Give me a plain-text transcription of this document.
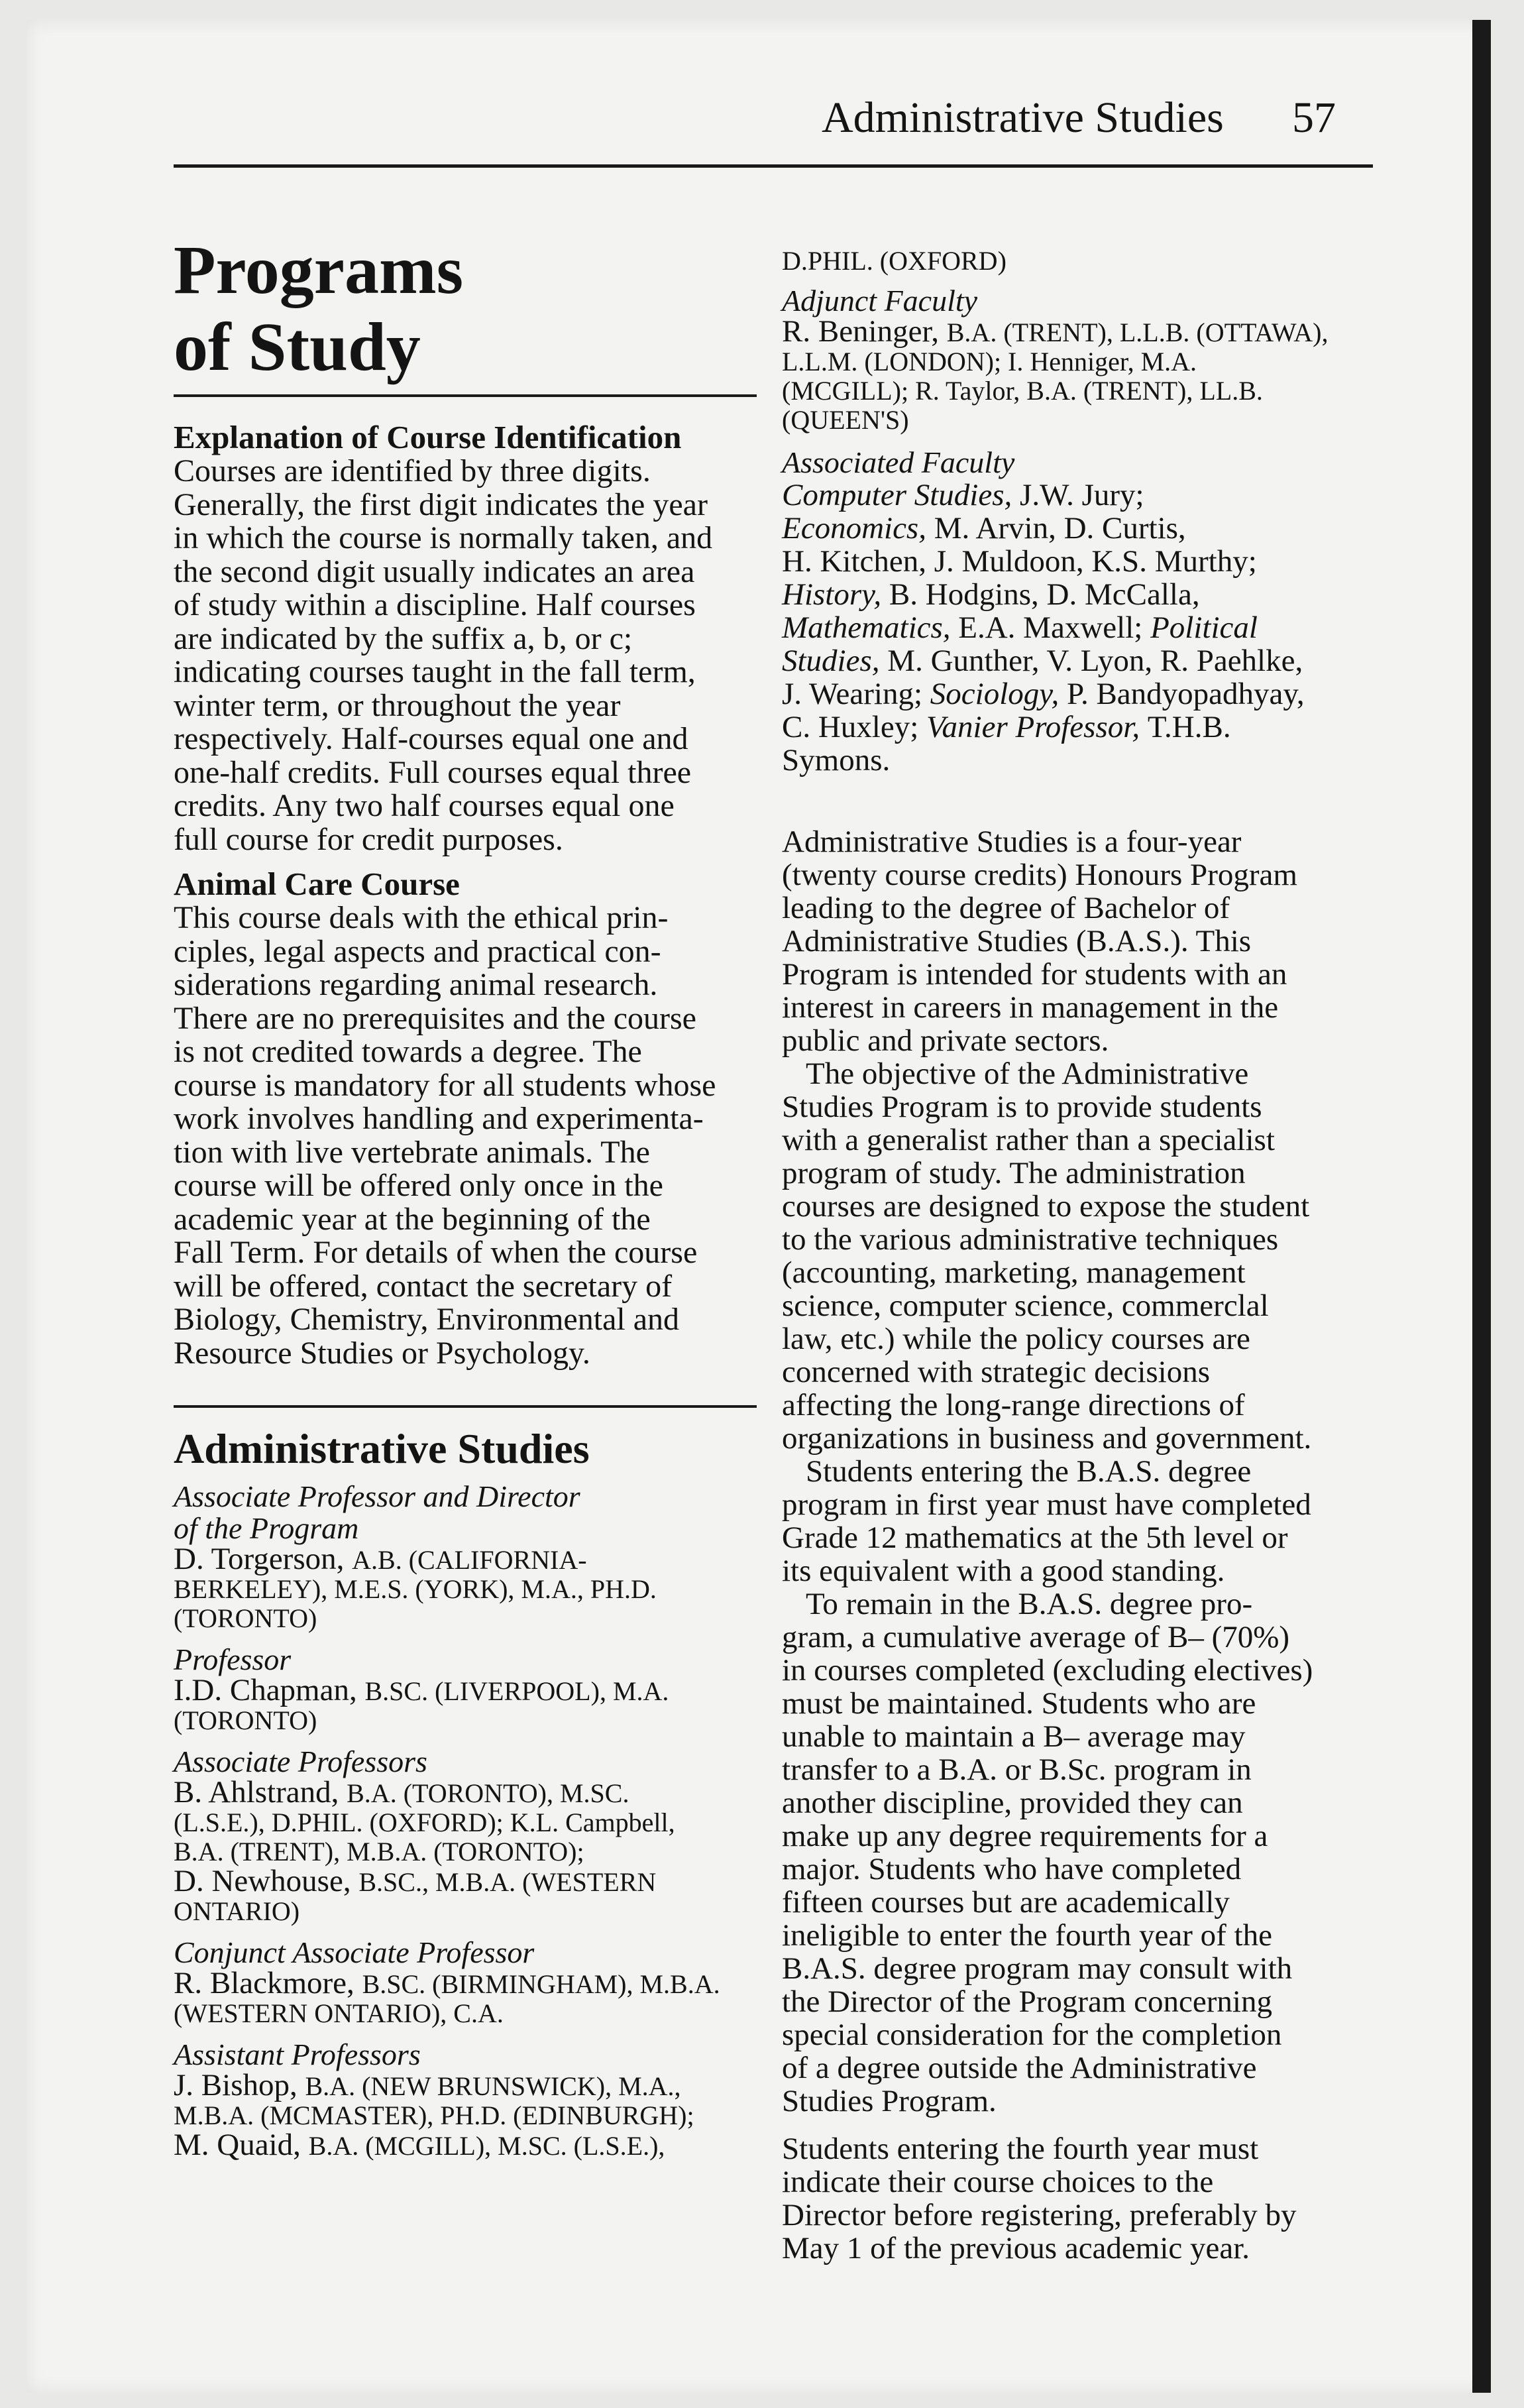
Administrative Studies 57
Programs
of Study
Explanation of Course Identification
Courses are identified by three digits.
Generally, the first digit indicates the year
in which the course is normally taken, and
the second digit usually indicates an area
of study within a discipline. Half courses
are indicated by the suffix a, b, or c;
indicating courses taught in the fall term,
winter term, or throughout the year
respectively. Half-courses equal one and
one-half credits. Full courses equal three
credits. Any two half courses equal one
full course for credit purposes.
Animal Care Course
This course deals with the ethical prin-
ciples, legal aspects and practical con-
siderations regarding animal research.
There are no prerequisites and the course
is not credited towards a degree. The
course is mandatory for all students whose
work involves handling and experimenta-
tion with live vertebrate animals. The
course will be offered only once in the
academic year at the beginning of the
Fall Term. For details of when the course
will be offered, contact the secretary of
Biology, Chemistry, Environmental and
Resource Studies or Psychology.
Administrative Studies
Associate Professor and Director
of the Program
D. Torgerson, A.B. (CALIFORNIA-
BERKELEY), M.E.S. (YORK), M.A., PH.D.
(TORONTO)
Professor
I.D. Chapman, B.SC. (LIVERPOOL), M.A.
(TORONTO)
Associate Professors
B. Ahlstrand, B.A. (TORONTO), M.SC.
(L.S.E.), D.PHIL. (OXFORD); K.L. Campbell,
B.A. (TRENT), M.B.A. (TORONTO);
D. Newhouse, B.SC., M.B.A. (WESTERN
ONTARIO)
Conjunct Associate Professor
R. Blackmore, B.SC. (BIRMINGHAM), M.B.A.
(WESTERN ONTARIO), C.A.
Assistant Professors
J. Bishop, B.A. (NEW BRUNSWICK), M.A.,
M.B.A. (MCMASTER), PH.D. (EDINBURGH);
M. Quaid, B.A. (MCGILL), M.SC. (L.S.E.),
D.PHIL. (OXFORD)
Adjunct Faculty
R. Beninger, B.A. (TRENT), L.L.B. (OTTAWA),
L.L.M. (LONDON); I. Henniger, M.A.
(MCGILL); R. Taylor, B.A. (TRENT), LL.B.
(QUEEN'S)
Associated Faculty
Computer Studies, J.W. Jury;
Economics, M. Arvin, D. Curtis,
H. Kitchen, J. Muldoon, K.S. Murthy;
History, B. Hodgins, D. McCalla,
Mathematics, E.A. Maxwell; Political
Studies, M. Gunther, V. Lyon, R. Paehlke,
J. Wearing; Sociology, P. Bandyopadhyay,
C. Huxley; Vanier Professor, T.H.B.
Symons.
Administrative Studies is a four-year
(twenty course credits) Honours Program
leading to the degree of Bachelor of
Administrative Studies (B.A.S.). This
Program is intended for students with an
interest in careers in management in the
public and private sectors.
The objective of the Administrative
Studies Program is to provide students
with a generalist rather than a specialist
program of study. The administration
courses are designed to expose the student
to the various administrative techniques
(accounting, marketing, management
science, computer science, commerclal
law, etc.) while the policy courses are
concerned with strategic decisions
affecting the long-range directions of
organizations in business and government.
Students entering the B.A.S. degree
program in first year must have completed
Grade 12 mathematics at the 5th level or
its equivalent with a good standing.
To remain in the B.A.S. degree pro-
gram, a cumulative average of B– (70%)
in courses completed (excluding electives)
must be maintained. Students who are
unable to maintain a B– average may
transfer to a B.A. or B.Sc. program in
another discipline, provided they can
make up any degree requirements for a
major. Students who have completed
fifteen courses but are academically
ineligible to enter the fourth year of the
B.A.S. degree program may consult with
the Director of the Program concerning
special consideration for the completion
of a degree outside the Administrative
Studies Program.
Students entering the fourth year must
indicate their course choices to the
Director before registering, preferably by
May 1 of the previous academic year.
